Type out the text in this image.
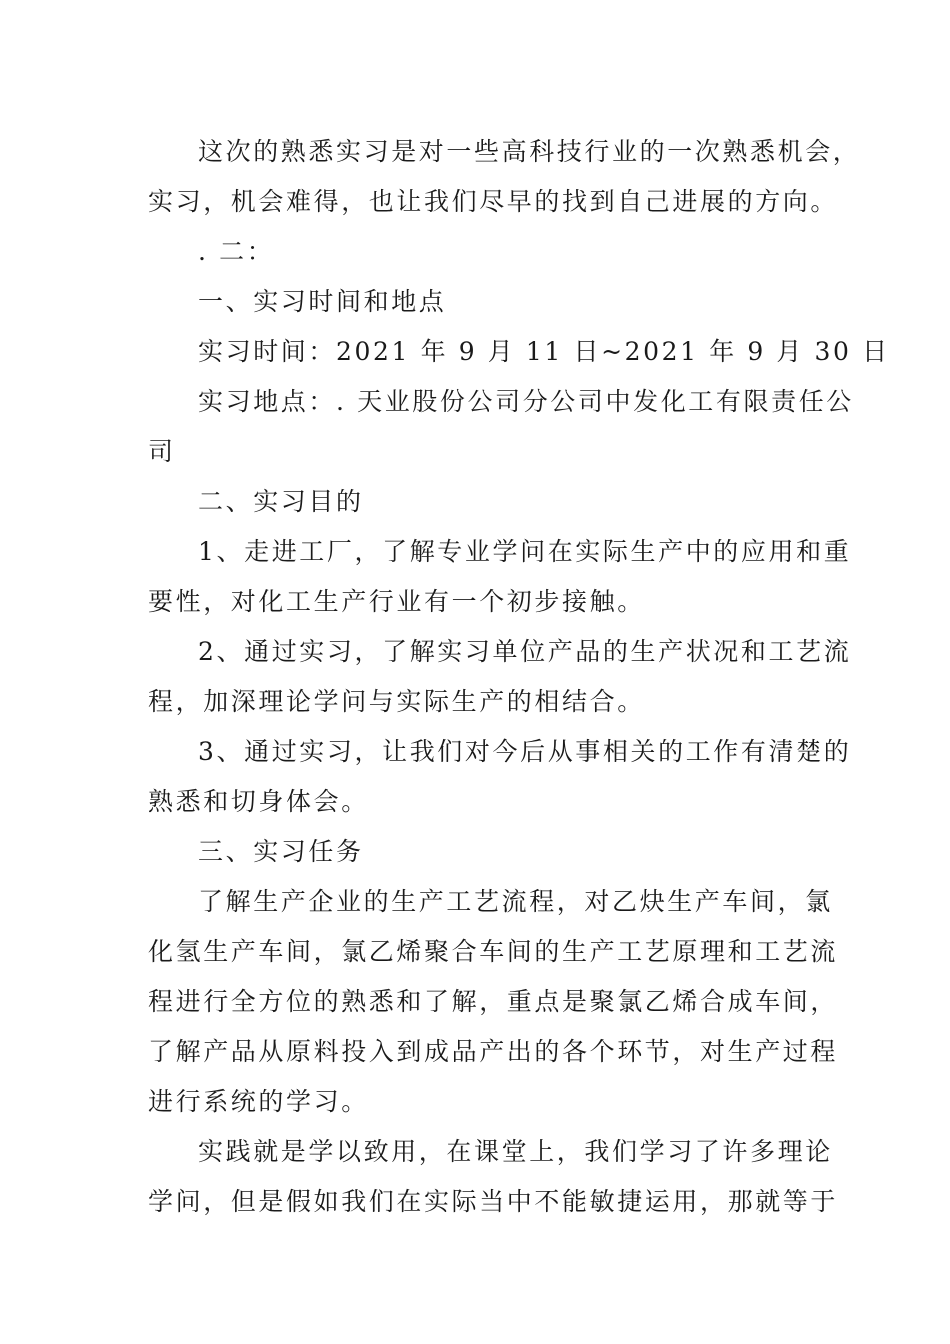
这次的熟悉实习是对一些高科技行业的一次熟悉机会，
实习，机会难得，也让我们尽早的找到自己进展的方向。
. 二：
一、实习时间和地点
实习时间：2021 年 9 月 11 日~2021 年 9 月 30 日
实习地点：. 天业股份公司分公司中发化工有限责任公
司
二、实习目的
1、走进工厂，了解专业学问在实际生产中的应用和重
要性，对化工生产行业有一个初步接触。
2、通过实习，了解实习单位产品的生产状况和工艺流
程，加深理论学问与实际生产的相结合。
3、通过实习，让我们对今后从事相关的工作有清楚的
熟悉和切身体会。
三、实习任务
了解生产企业的生产工艺流程，对乙炔生产车间，氯
化氢生产车间，氯乙烯聚合车间的生产工艺原理和工艺流
程进行全方位的熟悉和了解，重点是聚氯乙烯合成车间，
了解产品从原料投入到成品产出的各个环节，对生产过程
进行系统的学习。
实践就是学以致用，在课堂上，我们学习了许多理论
学问，但是假如我们在实际当中不能敏捷运用，那就等于
